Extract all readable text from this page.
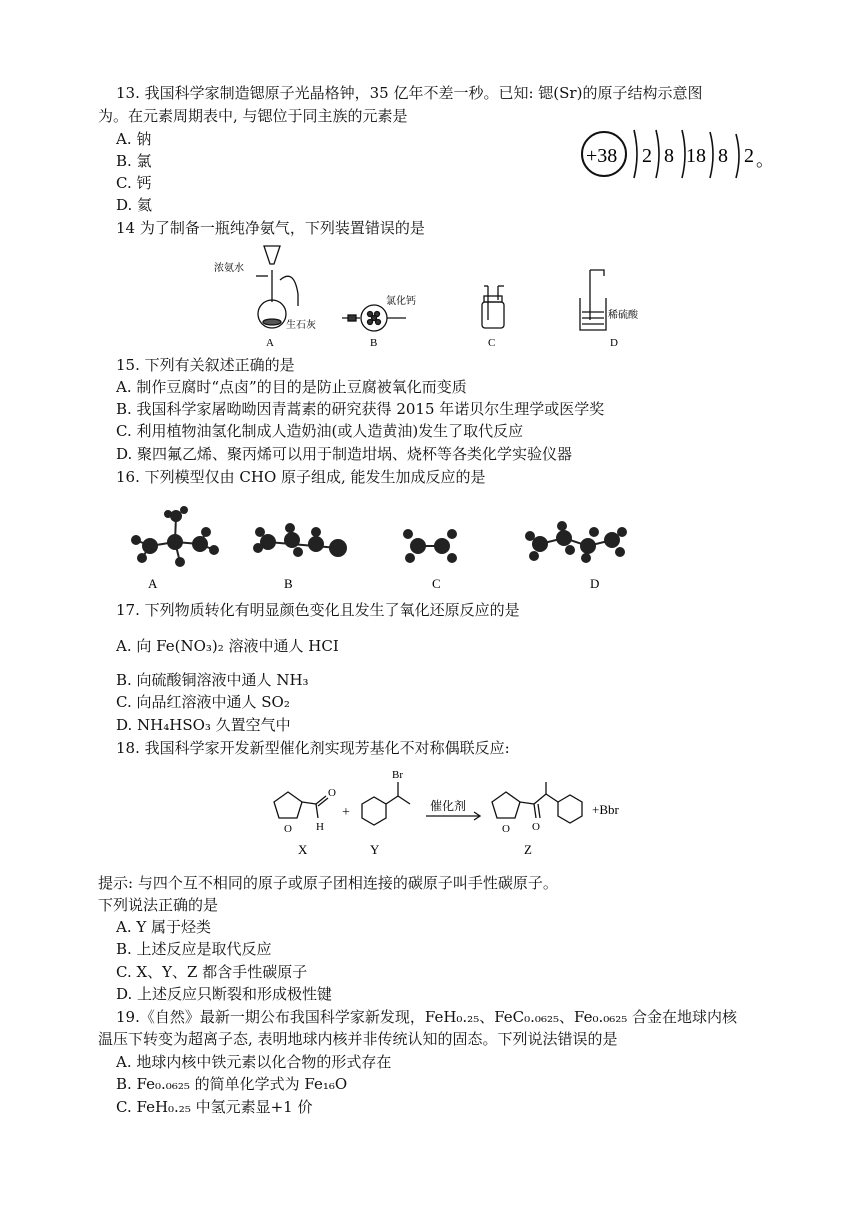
13. 我国科学家制造锶原子光晶格钟，35 亿年不差一秒。已知: 锶(Sr)的原子结构示意图
为。在元素周期表中, 与锶位于同主族的元素是
A. 钠
B. 氯
C. 钙
D. 氦
+38 2 8 18 8 2 。
14 为了制备一瓶纯净氨气，下列装置错误的是
浓氨水
生石灰
氯化钙
稀硫酸
A	B	C	D
15. 下列有关叙述正确的是
A. 制作豆腐时“点卤”的目的是防止豆腐被氧化而变质
B. 我国科学家屠呦呦因青蒿素的研究获得 2015 年诺贝尔生理学或医学奖
C. 利用植物油氢化制成人造奶油(或人造黄油)发生了取代反应
D. 聚四氟乙烯、聚丙烯可以用于制造坩埚、烧杯等各类化学实验仪器
16. 下列模型仅由 CHO 原子组成, 能发生加成反应的是
A	B	C	D
17. 下列物质转化有明显颜色变化且发生了氧化还原反应的是
A. 向 Fe(NO₃)₂ 溶液中通人 HCI
B. 向硫酸铜溶液中通人 NH₃
C. 向品红溶液中通人 SO₂
D. NH₄HSO₃ 久置空气中
18. 我国科学家开发新型催化剂实现芳基化不对称偶联反应:
O
O
H
+
Br
催化剂
O O
+Bbr
X	Y	Z
提示: 与四个互不相同的原子或原子团相连接的碳原子叫手性碳原子。
下列说法正确的是
A. Y 属于烃类
B. 上述反应是取代反应
C. X、Y、Z 都含手性碳原子
D. 上述反应只断裂和形成极性键
19.《自然》最新一期公布我国科学家新发现，FeH₀.₂₅、FeC₀.₀₆₂₅、Fe₀.₀₆₂₅ 合金在地球内核
温压下转变为超离子态, 表明地球内核并非传统认知的固态。下列说法错误的是
A. 地球内核中铁元素以化合物的形式存在
B. Fe₀.₀₆₂₅ 的简单化学式为 Fe₁₆O
C. FeH₀.₂₅ 中氢元素显+1 价
